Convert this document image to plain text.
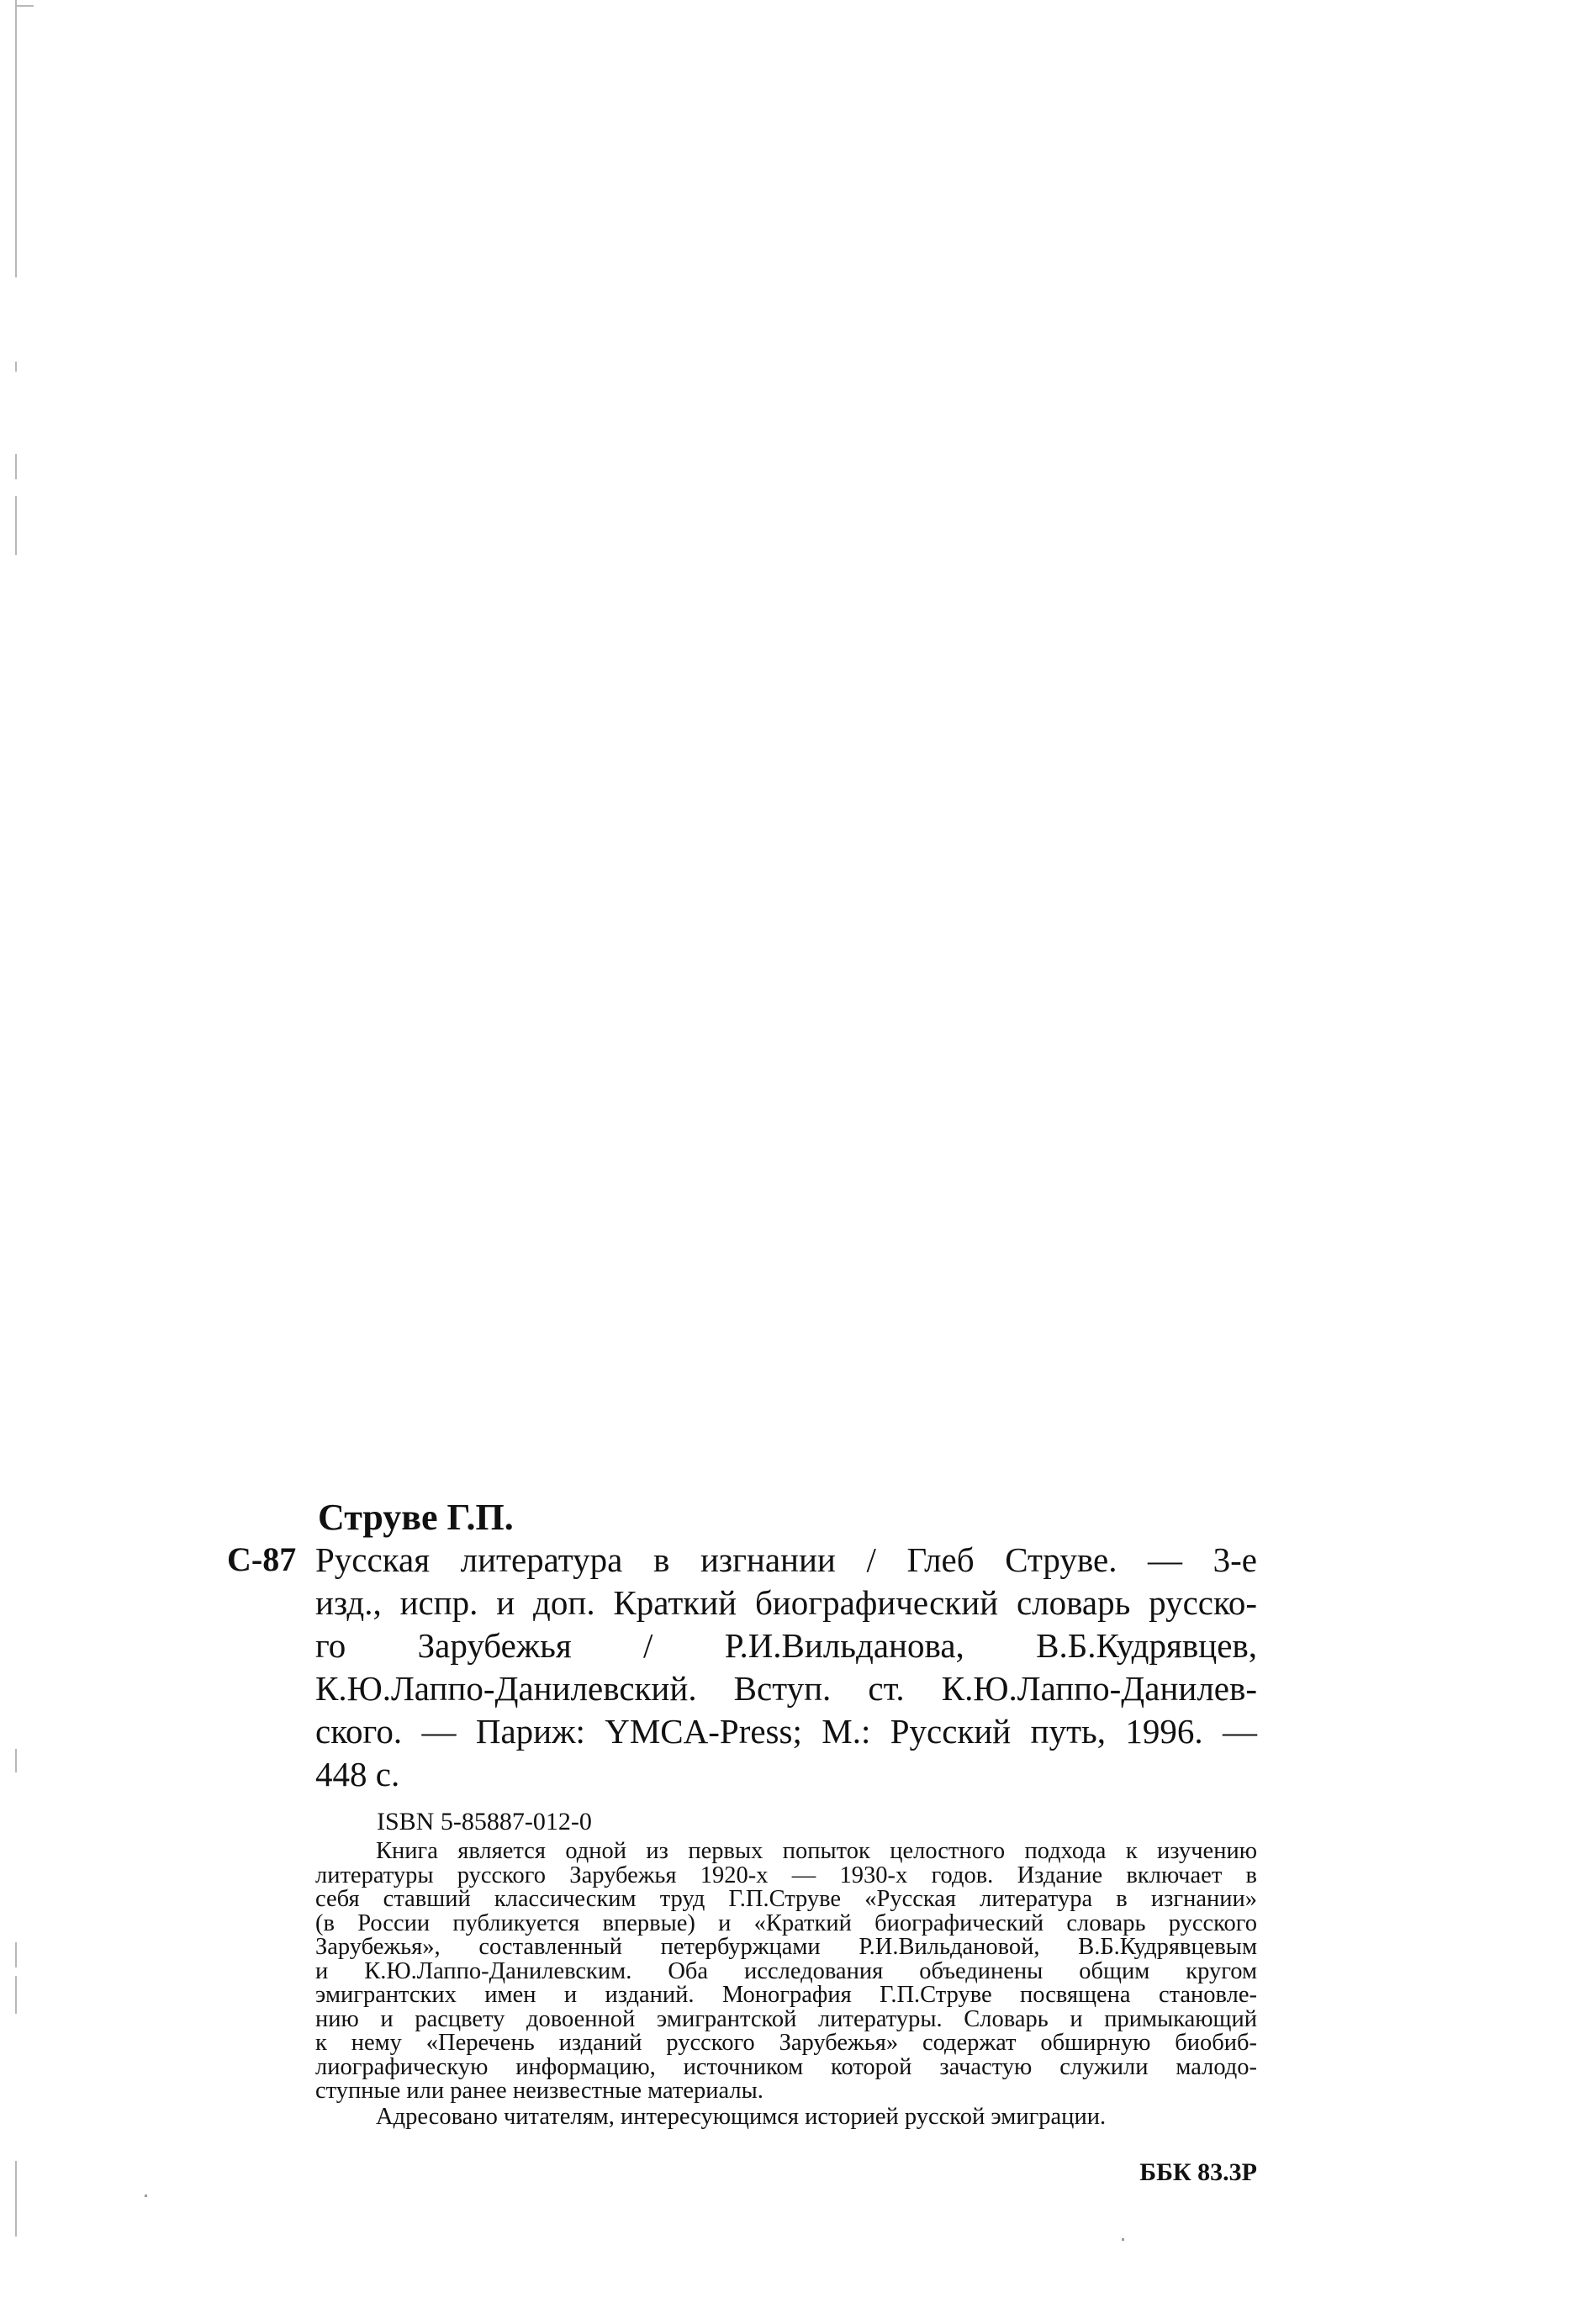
Струве Г.П.
С-87 Русская литература в изгнании / Глеб Струве. — 3-е
изд., испр. и доп. Краткий биографический словарь русско-
го Зарубежья / Р.И.Вильданова, В.Б.Кудрявцев,
К.Ю.Лаппо-Данилевский. Вступ. ст. К.Ю.Лаппо-Данилев-
ского. — Париж: YMCA-Press; М.: Русский путь, 1996. —
448 с.
ISBN 5-85887-012-0
Книга является одной из первых попыток целостного подхода к изучению
литературы русского Зарубежья 1920-х — 1930-х годов. Издание включает в
себя ставший классическим труд Г.П.Струве «Русская литература в изгнании»
(в России публикуется впервые) и «Краткий биографический словарь русского
Зарубежья», составленный петербуржцами Р.И.Вильдановой, В.Б.Кудрявцевым
и К.Ю.Лаппо-Данилевским. Оба исследования объединены общим кругом
эмигрантских имен и изданий. Монография Г.П.Струве посвящена становле-
нию и расцвету довоенной эмигрантской литературы. Словарь и примыкающий
к нему «Перечень изданий русского Зарубежья» содержат обширную биобиб-
лиографическую информацию, источником которой зачастую служили малодо-
ступные или ранее неизвестные материалы.
Адресовано читателям, интересующимся историей русской эмиграции.
ББК 83.3Р
